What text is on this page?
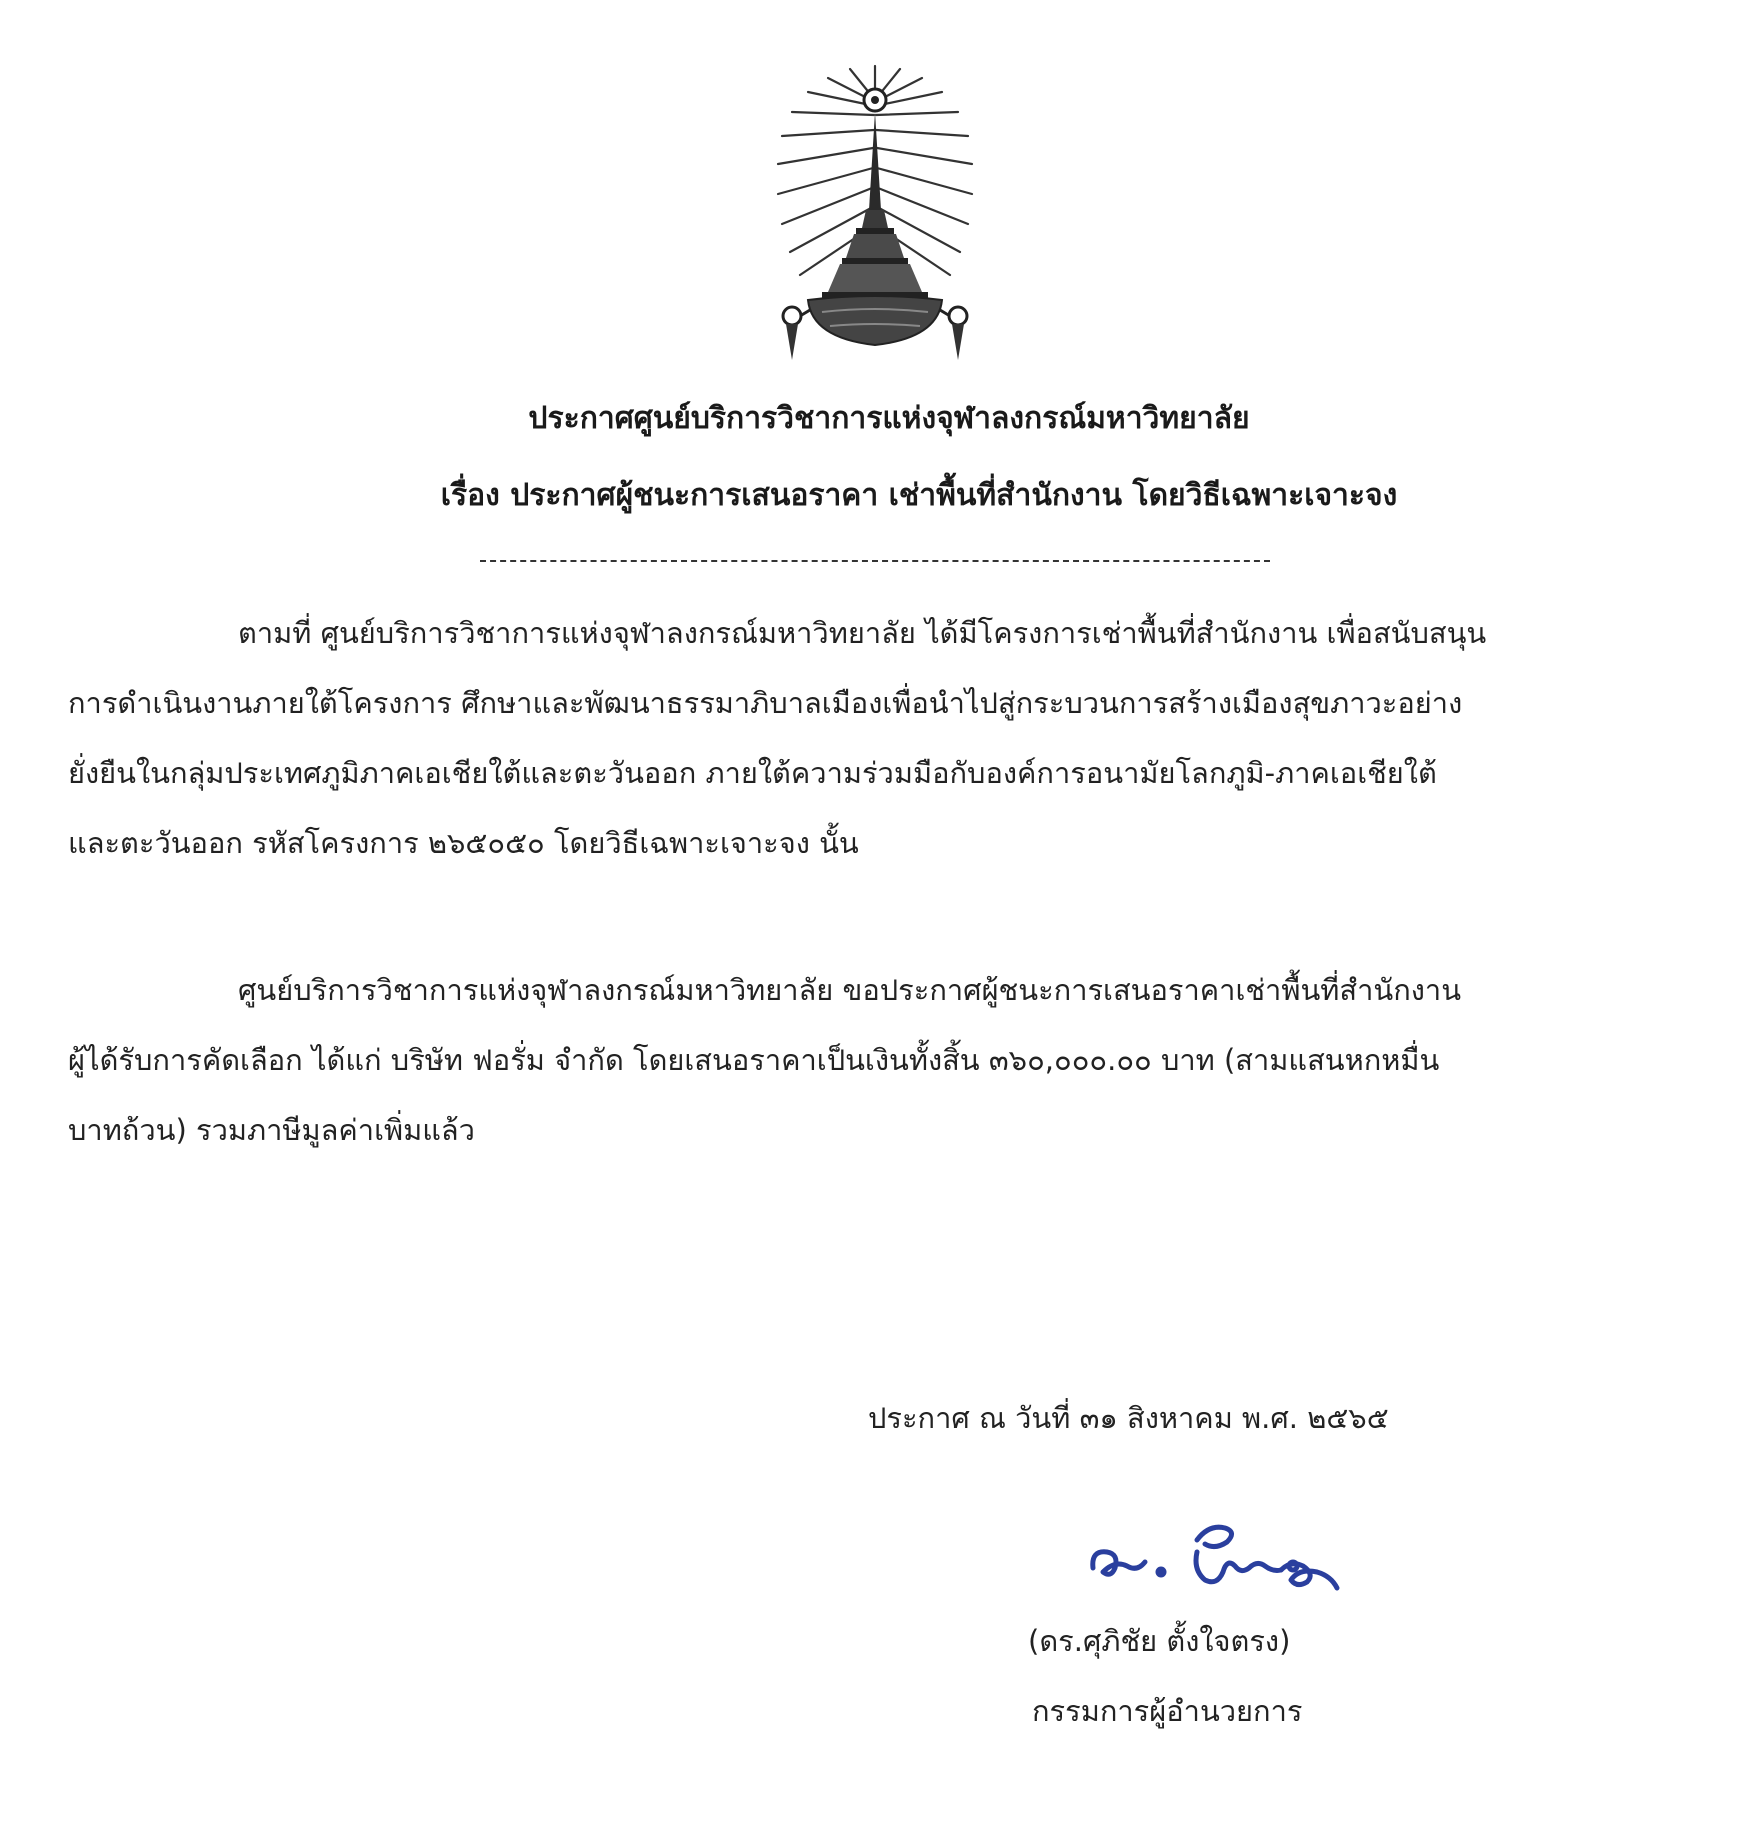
ประกาศศูนย์บริการวิชาการแห่งจุฬาลงกรณ์มหาวิทยาลัย
เรื่อง ประกาศผู้ชนะการเสนอราคา เช่าพื้นที่สำนักงาน โดยวิธีเฉพาะเจาะจง
ตามที่ ศูนย์บริการวิชาการแห่งจุฬาลงกรณ์มหาวิทยาลัย ได้มีโครงการเช่าพื้นที่สำนักงาน เพื่อสนับสนุน
การดำเนินงานภายใต้โครงการ ศึกษาและพัฒนาธรรมาภิบาลเมืองเพื่อนำไปสู่กระบวนการสร้างเมืองสุขภาวะอย่าง
ยั่งยืนในกลุ่มประเทศภูมิภาคเอเชียใต้และตะวันออก ภายใต้ความร่วมมือกับองค์การอนามัยโลกภูมิ-ภาคเอเชียใต้
และตะวันออก รหัสโครงการ ๒๖๕๐๕๐ โดยวิธีเฉพาะเจาะจง นั้น
ศูนย์บริการวิชาการแห่งจุฬาลงกรณ์มหาวิทยาลัย ขอประกาศผู้ชนะการเสนอราคาเช่าพื้นที่สำนักงาน
ผู้ได้รับการคัดเลือก ได้แก่ บริษัท ฟอรั่ม จำกัด โดยเสนอราคาเป็นเงินทั้งสิ้น ๓๖๐,๐๐๐.๐๐ บาท (สามแสนหกหมื่น
บาทถ้วน) รวมภาษีมูลค่าเพิ่มแล้ว
ประกาศ ณ วันที่ ๓๑ สิงหาคม พ.ศ. ๒๕๖๕
(ดร.ศุภิชัย ตั้งใจตรง)
กรรมการผู้อำนวยการ
